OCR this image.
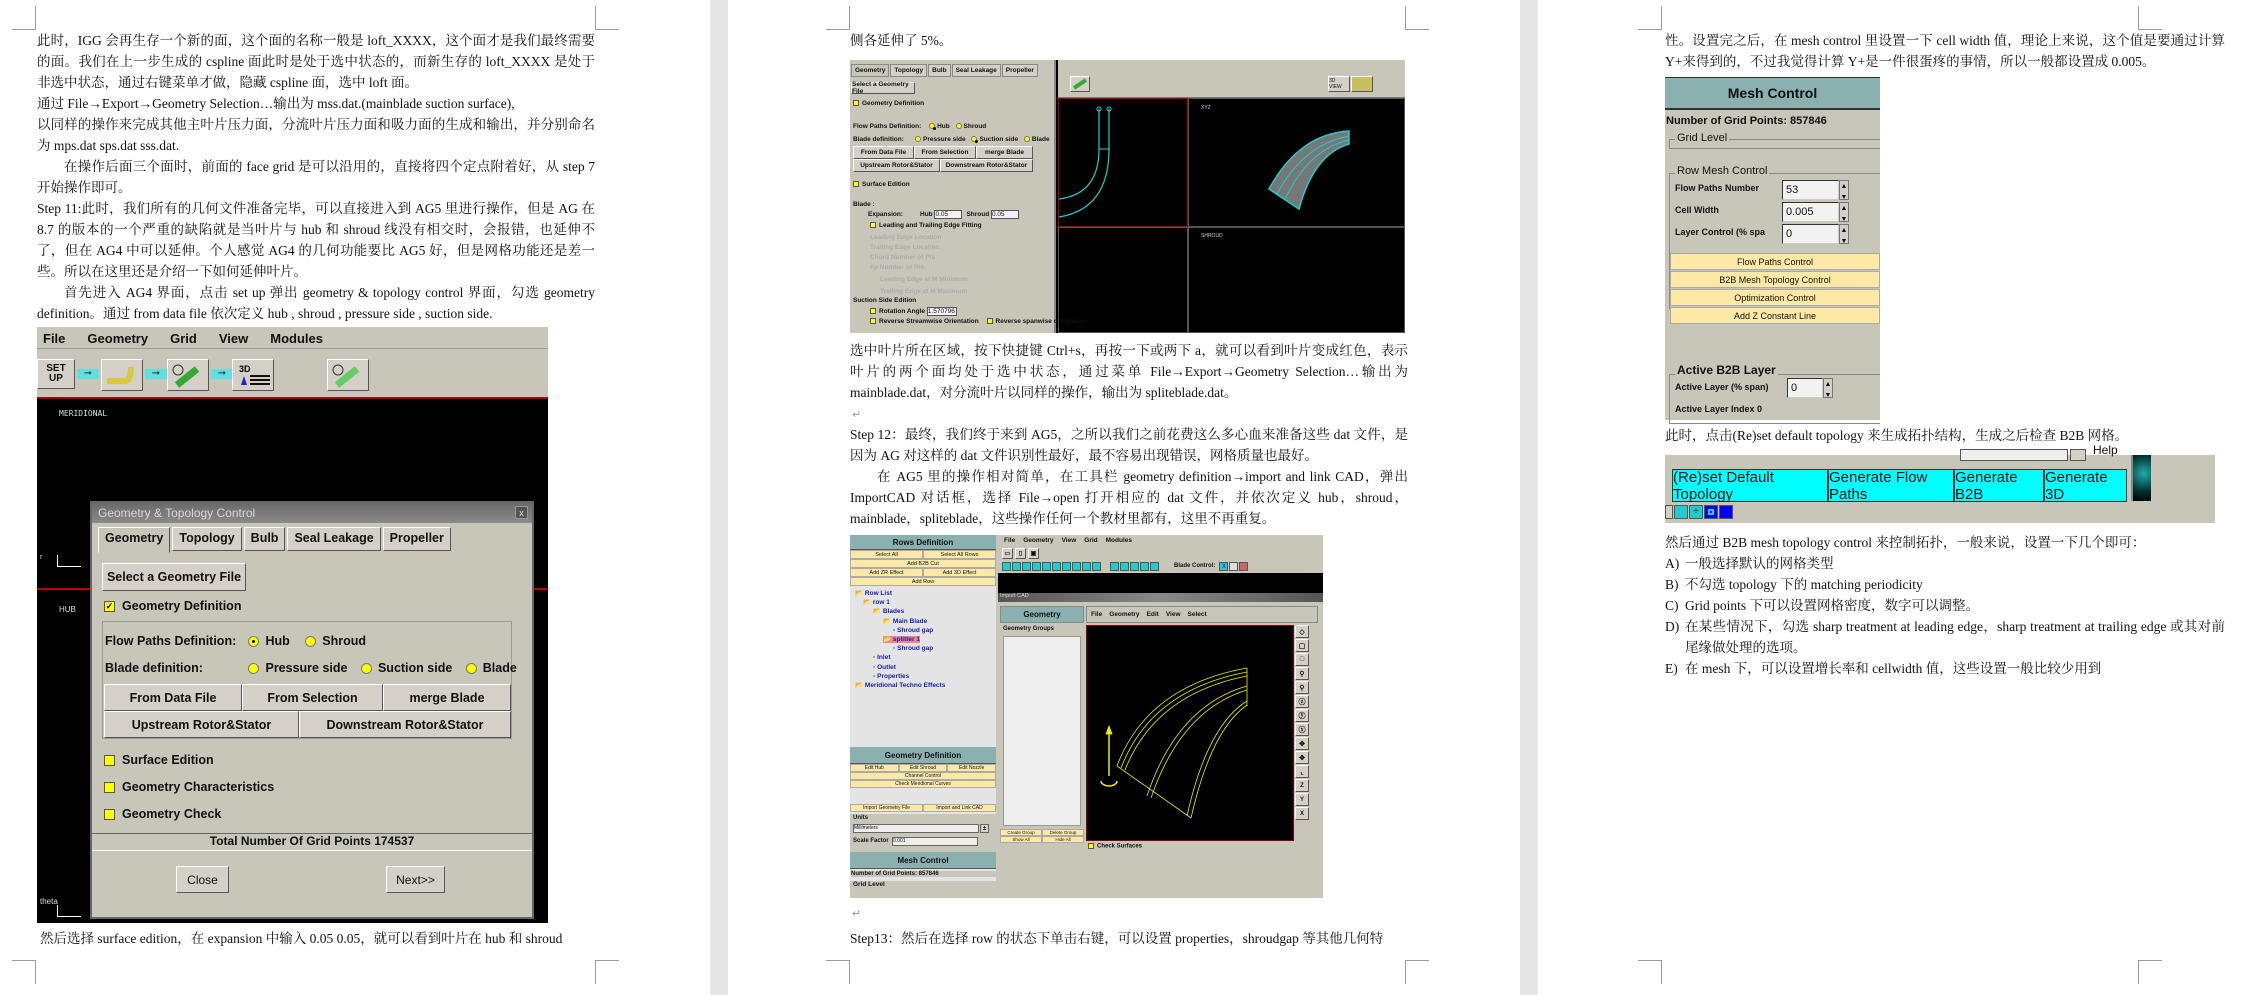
此时，IGG 会再生存一个新的面，这个面的名称一般是 loft_XXXX，这个面才是我们最终需要的面。我们在上一步生成的 cspline 面此时是处于选中状态的，而新生存的 loft_XXXX 是处于非选中状态，通过右键菜单才做，隐藏 cspline 面，选中 loft 面。

通过 File→Export→Geometry Selection…输出为 mss.dat.(mainblade suction surface),

以同样的操作来完成其他主叶片压力面，分流叶片压力面和吸力面的生成和输出，并分别命名为 mps.dat sps.dat sss.dat.

在操作后面三个面时，前面的 face grid 是可以沿用的，直接将四个定点附着好，从 step 7 开始操作即可。

Step 11:此时，我们所有的几何文件准备完毕，可以直接进入到 AG5 里进行操作，但是 AG 在 8.7 的版本的一个严重的缺陷就是当叶片与 hub 和 shroud 线没有相交时，会报错，也延伸不了，但在 AG4 中可以延伸。个人感觉 AG4 的几何功能要比 AG5 好，但是网格功能还是差一些。所以在这里还是介绍一下如何延伸叶片。

首先进入 AG4 界面，点击 set up 弹出 geometry & topology control 界面，勾选 geometry definition。通过 from data file 依次定义 hub , shroud , pressure side , suction side.

File Geometry Grid View Modules
SET
UP	➞	➞	➞	3D
MERIDIONAL
r
HUB
theta
Geometry & Topology Control	x
Geometry	Topology	Bulb	Seal Leakage	Propeller
Select a Geometry File
✓ Geometry Definition
Flow Paths Definition: Hub	Shroud
Blade definition:	Pressure side Suction side Blade
From Data File	From Selection	merge Blade
Upstream Rotor&Stator	Downstream Rotor&Stator
Surface Edition
Geometry Characteristics
Geometry Check
Total Number Of Grid Points 174537
Close	Next>>
然后选择 surface edition，在 expansion 中输入 0.05 0.05，就可以看到叶片在 hub 和 shroud
侧各延伸了 5%。
Geometry	Topology	Bulb	Seal Leakage	Propeller
Select a Geometry File
Geometry Definition
Flow Paths Definition: Hub Shroud
Blade definition:	Pressure side Suction side Blade
From Data File	From Selection	merge Blade
Upstream Rotor&Stator	Downstream Rotor&Stator
Surface Edition
Blade :
Expansion:	Hub 0.05	Shroud 0.05
Leading and Trailing Edge Fitting
Leading Edge Location
Trailing Edge Location
Chord Number of Pts
Fp Number of Pts
Leading Edge at M Minimum
Trailing Edge at M Maximum
Suction Side Edition
Rotation Angle 1.570796
Reverse Streamwise Orientation	Reverse spanwise orientation
3D VIEW
XYZ
SHROUD

选中叶片所在区域，按下快捷键 Ctrl+s，再按一下或两下 a，就可以看到叶片变成红色，表示叶片的两个面均处于选中状态，通过菜单 File→Export→Geometry Selection…输出为 mainblade.dat，对分流叶片以同样的操作，输出为 spliteblade.dat。

↵

Step 12：最终，我们终于来到 AG5，之所以我们之前花费这么多心血来准备这些 dat 文件，是因为 AG 对这样的 dat 文件识别性最好，最不容易出现错误，网格质量也最好。

在 AG5 里的操作相对简单，在工具栏 geometry definition→import and link CAD，弹出 ImportCAD 对话框，选择 File→open 打开相应的 dat 文件，并依次定义 hub，shroud，mainblade，spliteblade，这些操作任何一个教材里都有，这里不再重复。

Rows Definition
Select All	Select All Rows
Add B2B Cut
Add ZR Effect	Add 3D Effect
Add Row
📂 Row List
📂 row 1
📂 Blades
📂 Main Blade
▫ Shroud gap
📂 splitter 1
▫ Shroud gap
▫ Inlet
▫ Outlet
▫ Properties
📂 Meridional Techno Effects
Geometry Definition
Edit Hub	Edit Shroud	Edit Nozzle
Channel Control
Check Meridional Curves
Import Geometry File	Import and Link CAD
Units
Millimeters	±
Scale Factor 0.001
Mesh Control
Number of Grid Points: 857846
Grid Level
File Geometry View Grid Modules
▭	▯	▣
Blade Control:	X
Import CAD
Geometry
Geometry Groups
Create Group	Delete Group
Show All	Hide All
File Geometry Edit View Select
◇
▢
□
⚲
⚲
ⓩ
ⓨ
ⓧ
✥
✥
⌞
Z
Y
X
Check Surfaces
↵
Step13：然后在选择 row 的状态下单击右键，可以设置 properties，shroudgap 等其他几何特

性。设置完之后，在 mesh control 里设置一下 cell width 值，理论上来说，这个值是要通过计算 Y+来得到的，不过我觉得计算 Y+是一件很蛋疼的事情，所以一般都设置成 0.005。

Mesh Control
Number of Grid Points: 857846
Grid Level
Row Mesh Control
Flow Paths Number	53	▲
▼
Cell Width	0.005	▲
▼
Layer Control (% spa	0	▲
▼
Flow Paths Control
B2B Mesh Topology Control
Optimization Control
Add Z Constant Line
Active B2B Layer
Active Layer (% span)	0	▲
▼
Active Layer Index 0
此时，点击(Re)set default topology 来生成拓扑结构，生成之后检查 B2B 网格。
Help
(Re)set Default Topology
Generate Flow Paths
Generate B2B
Generate 3D
÷

然后通过 B2B mesh topology control 来控制拓扑，一般来说，设置一下几个即可：

A) 一般选择默认的网格类型
B) 不勾选 topology 下的 matching periodicity
C) Grid points 下可以设置网格密度，数字可以调整。
D) 在某些情况下，勾选 sharp treatment at leading edge，sharp treatment at trailing edge 或其对前尾缘做处理的选项。
E) 在 mesh 下，可以设置增长率和 cellwidth 值，这些设置一般比较少用到
